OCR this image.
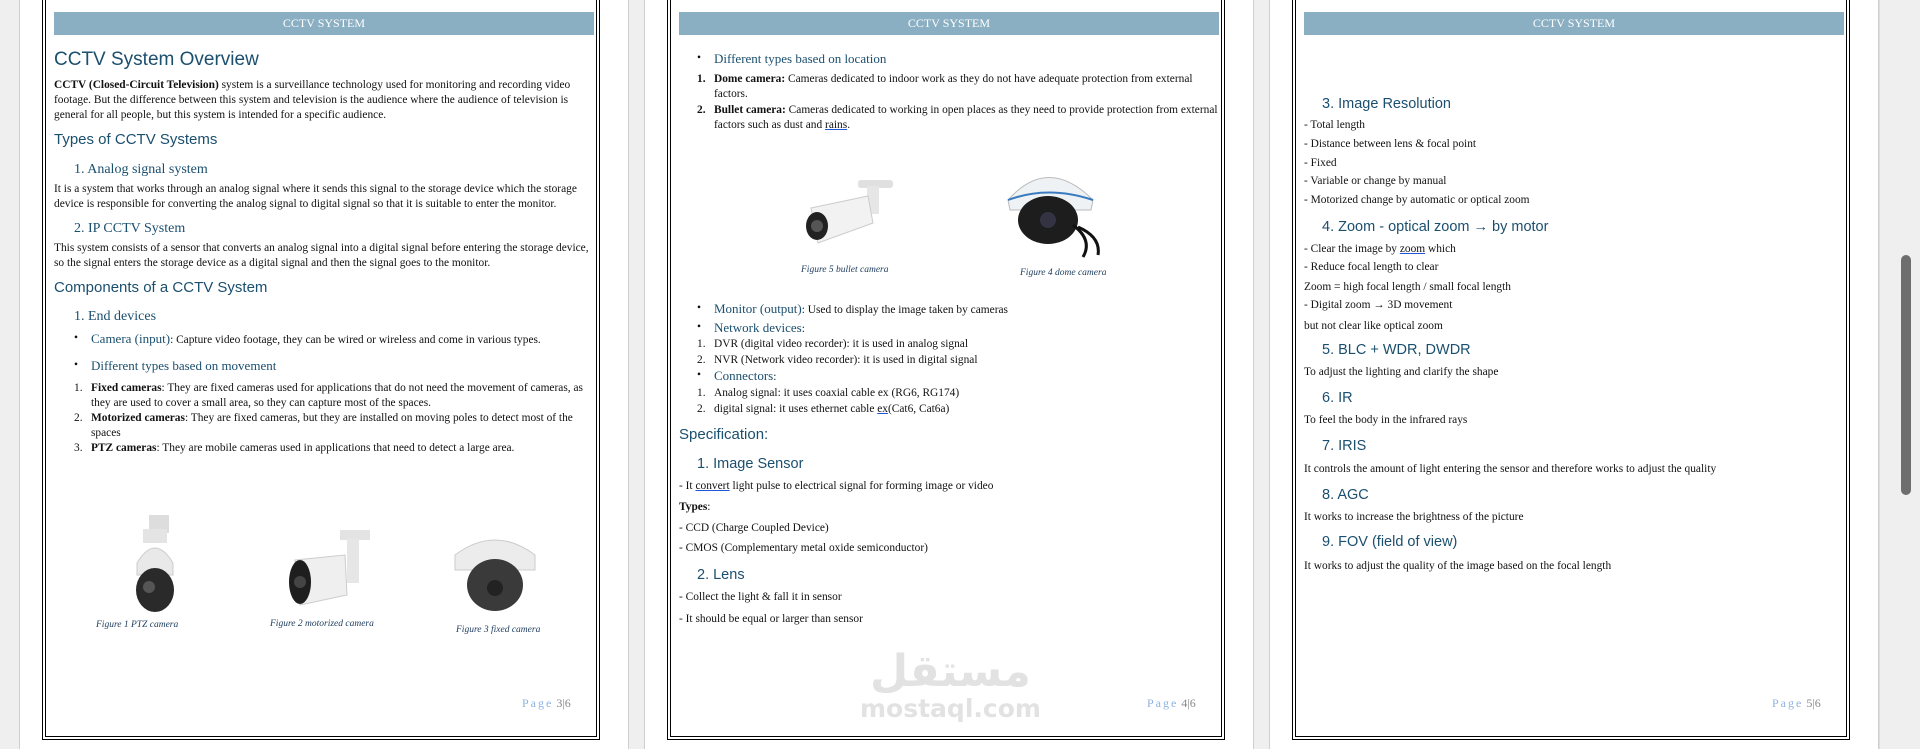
CCTV SYSTEM
CCTV System Overview
CCTV (Closed-Circuit Television) system is a surveillance technology used for monitoring and recording video footage. But the difference between this system and television is the audience where the audience of television is general for all people, but this system is intended for a specific audience.
Types of CCTV Systems
1. Analog signal system
It is a system that works through an analog signal where it sends this signal to the storage device which the storage device is responsible for converting the analog signal to digital signal so that it is suitable to enter the monitor.
2. IP CCTV System
This system consists of a sensor that converts an analog signal into a digital signal before entering the storage device, so the signal enters the storage device as a digital signal and then the signal goes to the monitor.
Components of a CCTV System
1. End devices
• Camera (input): Capture video footage, they can be wired or wireless and come in various types.
• Different types based on movement
1. Fixed cameras: They are fixed cameras used for applications that do not need the movement of cameras, as they are used to cover a small area, so they can capture most of the spaces.
2. Motorized cameras: They are fixed cameras, but they are installed on moving poles to detect most of the spaces
3. PTZ cameras: They are mobile cameras used in applications that need to detect a large area.
Figure 1 PTZ camera	Figure 2 motorized camera
Figure 3 fixed camera
Page 3|6
CCTV SYSTEM
• Different types based on location
1. Dome camera: Cameras dedicated to indoor work as they do not have adequate protection from external factors.
2. Bullet camera: Cameras dedicated to working in open places as they need to provide protection from external factors such as dust and rains.
Figure 5 bullet camera	Figure 4 dome camera
• Monitor (output): Used to display the image taken by cameras
• Network devices:
1. DVR (digital video recorder): it is used in analog signal
2. NVR (Network video recorder): it is used in digital signal
• Connectors:
1. Analog signal: it uses coaxial cable ex (RG6, RG174)
2. digital signal: it uses ethernet cable ex(Cat6, Cat6a)
Specification:
1. Image Sensor
- It convert light pulse to electrical signal for forming image or video
Types:
- CCD (Charge Coupled Device)
- CMOS (Complementary metal oxide semiconductor)
2. Lens
- Collect the light & fall it in sensor
- It should be equal or larger than sensor
Page 4|6
مستقل
mostaql.com
CCTV SYSTEM
3. Image Resolution
- Total length
- Distance between lens & focal point
- Fixed
- Variable or change by manual
- Motorized change by automatic or optical zoom
4. Zoom - optical zoom → by motor
- Clear the image by zoom which
- Reduce focal length to clear
Zoom = high focal length / small focal length
- Digital zoom → 3D movement
but not clear like optical zoom
5. BLC + WDR, DWDR
To adjust the lighting and clarify the shape
6. IR
To feel the body in the infrared rays
7. IRIS
It controls the amount of light entering the sensor and therefore works to adjust the quality
8. AGC
It works to increase the brightness of the picture
9. FOV (field of view)
It works to adjust the quality of the image based on the focal length
Page 5|6
